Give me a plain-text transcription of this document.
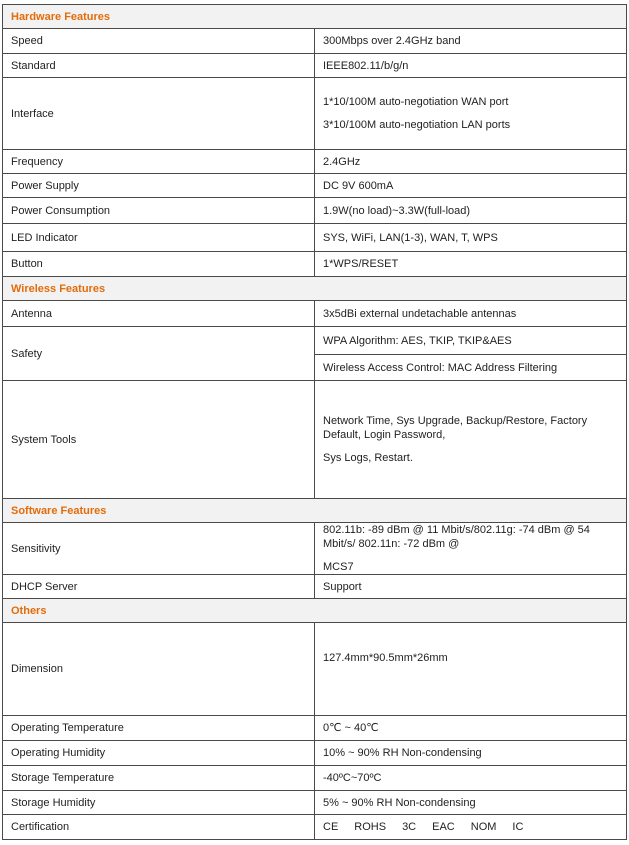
Hardware Features	
Speed	300Mbps over 2.4GHz band
Standard	IEEE802.11/b/g/n
Interface	1*10/100M auto-negotiation WAN port
3*10/100M auto-negotiation LAN ports

Frequency	2.4GHz
Power Supply	DC 9V 600mA
Power Consumption	1.9W(no load)~3.3W(full-load)
LED Indicator	SYS, WiFi, LAN(1-3), WAN, T, WPS
Button	1*WPS/RESET
Wireless Features	
Antenna	3x5dBi external undetachable antennas
Safety	WPA Algorithm: AES, TKIP, TKIP&AES
	Wireless Access Control: MAC Address Filtering
System Tools	Network Time, Sys Upgrade, Backup/Restore, Factory Default, Login Password,
Sys Logs, Restart.

Software Features	
Sensitivity	802.11b: -89 dBm @ 11 Mbit/s/802.11g: -74 dBm @ 54 Mbit/s/ 802.11n: -72 dBm @
MCS7

DHCP Server	Support
Others	
Dimension	127.4mm*90.5mm*26mm
Operating Temperature	0℃ ~ 40℃
Operating Humidity	10% ~ 90% RH Non-condensing
Storage Temperature	-40ºC~70ºC
Storage Humidity	5% ~ 90% RH Non-condensing
Certification	CE ROHS 3C EAC NOM IC
